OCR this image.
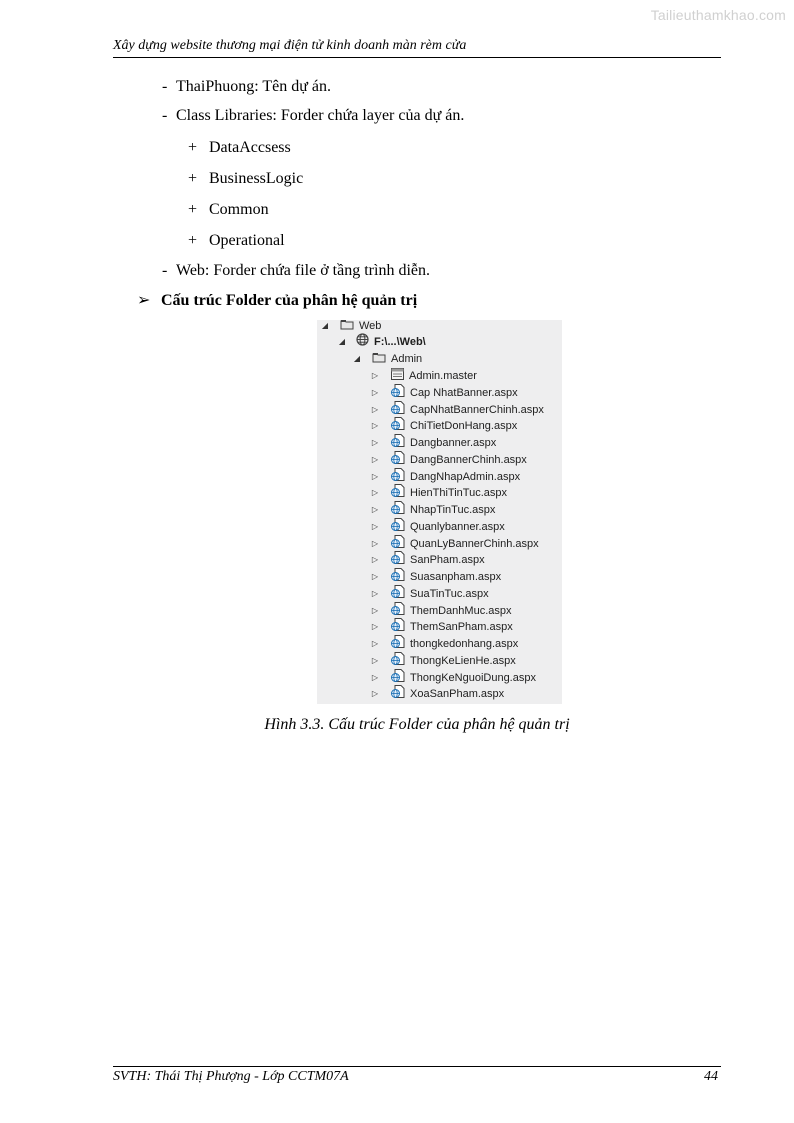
Tailieuthamkhao.com
Xây dựng website thương mại điện tử kinh doanh màn rèm cửa
- ThaiPhuong: Tên dự án.
- Class Libraries: Forder chứa layer của dự án.
+ DataAccsess
+ BusinessLogic
+ Common
+ Operational
- Web: Forder chứa file ở tầng trình diễn.
➢ Cấu trúc Folder của phân hệ quản trị
◢	Web
◢	F:\...\Web\
◢	Admin
▷	Admin.master
▷	Cap NhatBanner.aspx
▷	CapNhatBannerChinh.aspx
▷	ChiTietDonHang.aspx
▷	Dangbanner.aspx
▷	DangBannerChinh.aspx
▷	DangNhapAdmin.aspx
▷	HienThiTinTuc.aspx
▷	NhapTinTuc.aspx
▷	Quanlybanner.aspx
▷	QuanLyBannerChinh.aspx
▷	SanPham.aspx
▷	Suasanpham.aspx
▷	SuaTinTuc.aspx
▷	ThemDanhMuc.aspx
▷	ThemSanPham.aspx
▷	thongkedonhang.aspx
▷	ThongKeLienHe.aspx
▷	ThongKeNguoiDung.aspx
▷	XoaSanPham.aspx
Hình 3.3. Cấu trúc Folder của phân hệ quản trị
SVTH: Thái Thị Phượng - Lớp CCTM07A	44
